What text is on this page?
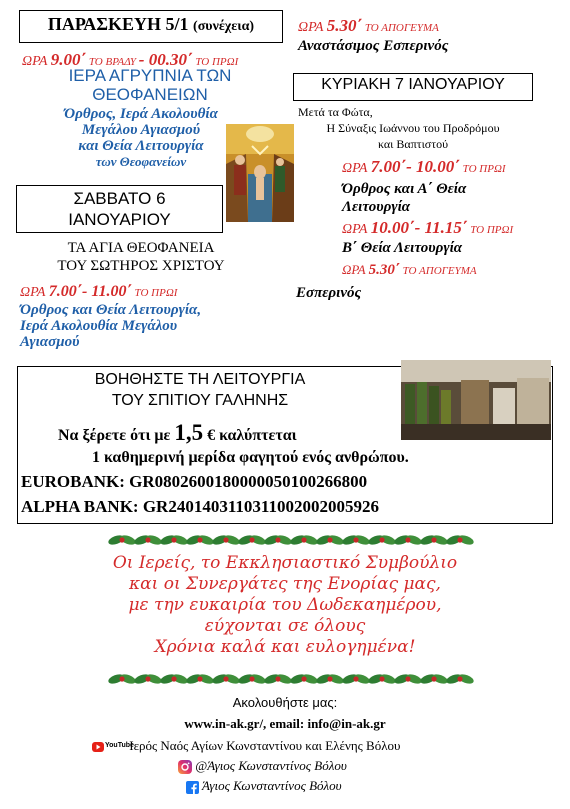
ΠΑΡΑΣΚΕΥΗ 5/1 (συνέχεια)
ΩΡΑ 9.00΄ ΤΟ ΒΡΑΔΥ - 00.30΄ ΤΟ ΠΡΩΙ
ΙΕΡΑ ΑΓΡΥΠΝΙΑ ΤΩΝ
ΘΕΟΦΑΝΕΙΩΝ
Όρθρος, Ιερά Ακολουθία
Μεγάλου Αγιασμού
και Θεία Λειτουργία
των Θεοφανείων
ΣΑΒΒΑΤΟ 6
ΙΑΝΟΥΑΡΙΟΥ
ΤΑ ΑΓΙΑ ΘΕΟΦΑΝΕΙΑ
ΤΟΥ ΣΩΤΗΡΟΣ ΧΡΙΣΤΟΥ
ΩΡΑ 7.00΄- 11.00΄ ΤΟ ΠΡΩΙ
Όρθρος και Θεία Λειτουργία,
Ιερά Ακολουθία Μεγάλου
Αγιασμού
ΩΡΑ 5.30΄ ΤΟ ΑΠΟΓΕΥΜΑ
Αναστάσιμος Εσπερινός
ΚΥΡΙΑΚΗ 7 ΙΑΝΟΥΑΡΙΟΥ
Μετά τα Φώτα,
Η Σύναξις Ιωάννου του Προδρόμου
και Βαπτιστού
ΩΡΑ 7.00΄- 10.00΄ ΤΟ ΠΡΩΙ
Όρθρος και Α΄ Θεία
Λειτουργία
ΩΡΑ 10.00΄- 11.15΄ ΤΟ ΠΡΩΙ
Β΄ Θεία Λειτουργία
ΩΡΑ 5.30΄ ΤΟ ΑΠΟΓΕΥΜΑ
Εσπερινός
ΒΟΗΘΗΣΤΕ ΤΗ ΛΕΙΤΟΥΡΓΙΑ
ΤΟΥ ΣΠΙΤΙΟΥ ΓΑΛΗΝΗΣ
Να ξέρετε ότι με 1,5 € καλύπτεται
1 καθημερινή μερίδα φαγητού ενός ανθρώπου.
EUROBANK: GR0802600180000050100266800
ALPHA BANK: GR2401403110311002002005926
Οι Ιερείς, το Εκκλησιαστικό Συμβούλιο
και οι Συνεργάτες της Ενορίας μας,
με την ευκαιρία του Δωδεκαημέρου,
εύχονται σε όλους
Χρόνια καλά και ευλογημένα!
Ακολουθήστε μας:
www.in-ak.gr/, email: info@in-ak.gr
YouTube
Ιερός Ναός Αγίων Κωνσταντίνου και Ελένης Βόλου
@Άγιος Κωνσταντίνος Βόλου
Άγιος Κωνσταντίνος Βόλου
